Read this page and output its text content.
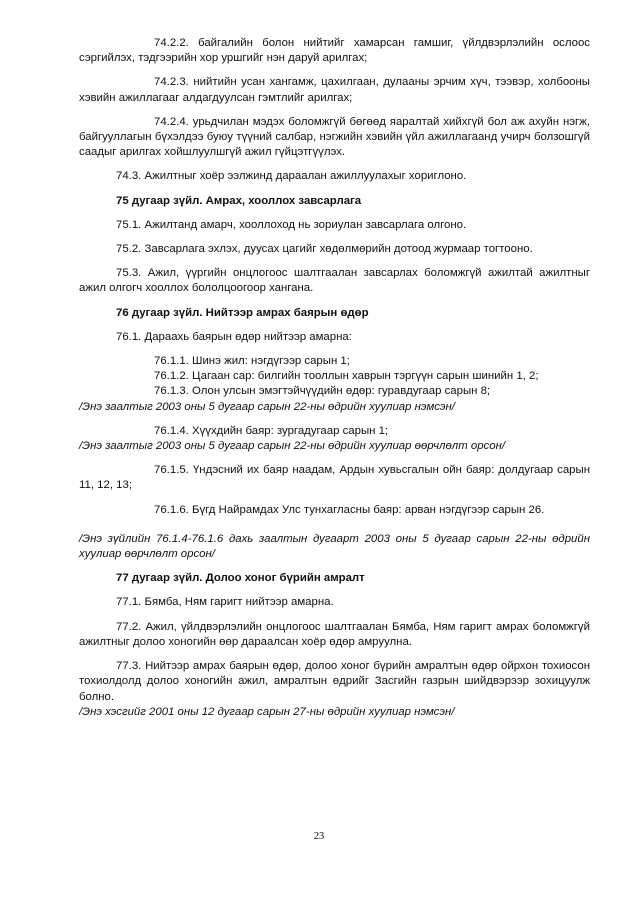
74.2.2. байгалийн болон нийтийг хамарсан гамшиг, үйлдвэрлэлийн ослоос сэргийлэх, тэдгээрийн хор уршгийг нэн даруй арилгах;

74.2.3. нийтийн усан хангамж, цахилгаан, дулааны эрчим хүч, тээвэр, холбооны хэвийн ажиллагааг алдагдуулсан гэмтлийг арилгах;

74.2.4. урьдчилан мэдэх боломжгүй бөгөөд яаралтай хийхгүй бол аж ахуйн нэгж, байгууллагын бүхэлдээ буюу түүний салбар, нэгжийн хэвийн үйл ажиллагаанд учирч болзошгүй саадыг арилгах хойшлуулшгүй ажил гүйцэтгүүлэх.

74.3. Ажилтныг хоёр ээлжинд дараалан ажиллуулахыг хориглоно.

75 дугаар зүйл. Амрах, хооллох завсарлага

75.1. Ажилтанд амарч, хооллоход нь зориулан завсарлага олгоно.

75.2. Завсарлага эхлэх, дуусах цагийг хөдөлмөрийн дотоод журмаар тогтооно.

75.3. Ажил, үүргийн онцлогоос шалтгаалан завсарлах боломжгүй ажилтай ажилтныг ажил олгогч хооллох бололцоогоор хангана.

76 дугаар зүйл. Нийтээр амрах баярын өдөр

76.1. Дараахь баярын өдөр нийтээр амарна:

76.1.1. Шинэ жил: нэгдүгээр сарын 1;

76.1.2. Цагаан сар: билгийн тооллын хаврын тэргүүн сарын шинийн 1, 2;

76.1.3. Олон улсын эмэгтэйчүүдийн өдөр: гуравдугаар сарын 8;

/Энэ заалтыг 2003 оны 5 дугаар сарын 22-ны өдрийн хуулиар нэмсэн/

76.1.4. Хүүхдийн баяр: зургадугаар сарын 1;

/Энэ заалтыг 2003 оны 5 дугаар сарын 22-ны өдрийн хуулиар өөрчлөлт орсон/

76.1.5. Үндэсний их баяр наадам, Ардын хувьсгалын ойн баяр: долдугаар сарын 11, 12, 13;

76.1.6. Бүгд Найрамдах Улс тунхагласны баяр: арван нэгдүгээр сарын 26.

/Энэ зүйлийн 76.1.4-76.1.6 дахь заалтын дугаарт 2003 оны 5 дугаар сарын 22-ны өдрийн хуулиар өөрчлөлт орсон/

77 дугаар зүйл. Долоо хоног бүрийн амралт

77.1. Бямба, Ням гаригт нийтээр амарна.

77.2. Ажил, үйлдвэрлэлийн онцлогоос шалтгаалан Бямба, Ням гаригт амрах боломжгүй ажилтныг долоо хоногийн өөр дараалсан хоёр өдөр амруулна.

77.3. Нийтээр амрах баярын өдөр, долоо хоног бүрийн амралтын өдөр ойрхон тохиосон тохиолдолд долоо хоногийн ажил, амралтын өдрийг Засгийн газрын шийдвэрээр зохицуулж болно.

/Энэ хэсгийг 2001 оны 12 дугаар сарын 27-ны өдрийн хуулиар нэмсэн/

23
